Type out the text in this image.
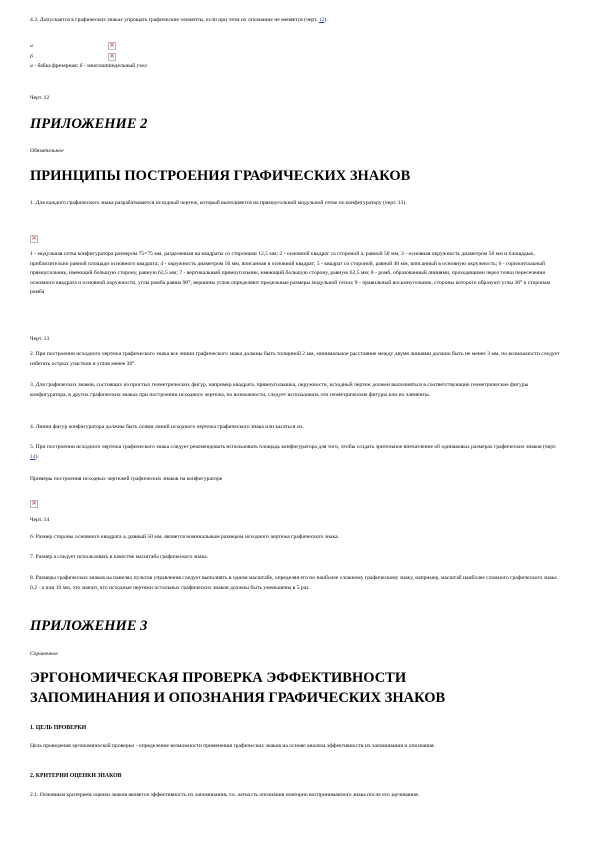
4.3. Допускается в графических знаках упрощать графические элементы, если при этом их опознание не меняется (черт. 12).

а
×
б
×
а - бабка фрезерная; б - многошпиндельный узел
Черт. 12
ПРИЛОЖЕНИЕ 2
Обязательное
ПРИНЦИПЫ ПОСТРОЕНИЯ ГРАФИЧЕСКИХ ЗНАКОВ

1. Для каждого графического знака разрабатывается исходный чертеж, который выполняется на прямоугольной модульной сетке по конфигуратору (черт. 13).

×

1 - модульная сетка конфигуратора размером 75×75 мм, разделенная на квадраты со сторонами 12,5 мм; 2 - основной квадрат со стороной а, равной 50 мм; 3 - основная окружность диаметром 50 мм и площадью, приблизительно равной площади основного квадрата; 4 - окружность диаметром 50 мм, вписанная в основной квадрат; 5 - квадрат со стороной, равной 40 мм, вписанный в основную окружность; 6 - горизонтальный прямоугольник, имеющий большую сторону, равную 62,5 мм; 7 - вертикальный прямоугольник, имеющий большую сторону, равную 62,5 мм; 8 - ромб, образованный линиями, проходящими через точки пересечения основного квадрата и основной окружности, углы ромба равны 90°, вершины углов определяют предельные размеры модульной сетки; 9 - правильный восьмиугольник, стороны которого образуют углы 30° к сторонам ромба

Черт. 13

2. При построении исходного чертежа графического знака все линии графического знака должны быть толщиной 2 мм, минимальное расстояние между двумя линиями должно быть не менее 3 мм, по возможности следует избегать острых участков и углов менее 30°.

3. Для графических знаков, состоящих из простых геометрических фигур, например квадрата, прямоугольника, окружности, исходный чертеж должен выполняться в соответствующие геометрические фигуры конфигуратора, в других графических знаках при построении исходного чертежа, по возможности, следует использовать эти геометрические фигуры или их элементы.

4. Линии фигур конфигуратора должны быть осями линий исходного чертежа графического знака или касаться их.

5. При построении исходного чертежа графического знака следует рекомендовать использовать площадь конфигуратора для того, чтобы создать зрительное впечатление об одинаковых размерах графических знаков (черт. 14).

Примеры построения исходных чертежей графических знаков на конфигураторе

×
Черт. 14

6. Размер стороны основного квадрата а, равный 50 мм, является номинальным размером исходного чертежа графического знака.

7. Размер а следует использовать в качестве масштаба графического знака.

8. Размеры графических знаков на панелях пультов управления следует выполнять в одном масштабе, определяя его по наиболее сложному графическому знаку, например, масштаб наиболее сложного графического знака 0,2 · а или 10 мм, это значит, что исходные чертежи остальных графических знаков должны быть уменьшены в 5 раз.

ПРИЛОЖЕНИЕ 3
Справочное
ЭРГОНОМИЧЕСКАЯ ПРОВЕРКА ЭФФЕКТИВНОСТИ
ЗАПОМИНАНИЯ И ОПОЗНАНИЯ ГРАФИЧЕСКИХ ЗНАКОВ

1. ЦЕЛЬ ПРОВЕРКИ

Цель проведения эргономической проверки - определение возможности применения графических знаков на основе анализа эффективности их запоминания и опознания.

2. КРИТЕРИИ ОЦЕНКИ ЗНАКОВ

2.1. Основным критерием оценки знаков является эффективность их запоминания, т.е. легкость опознания повторно воспринимаемого знака после его заучивания.
